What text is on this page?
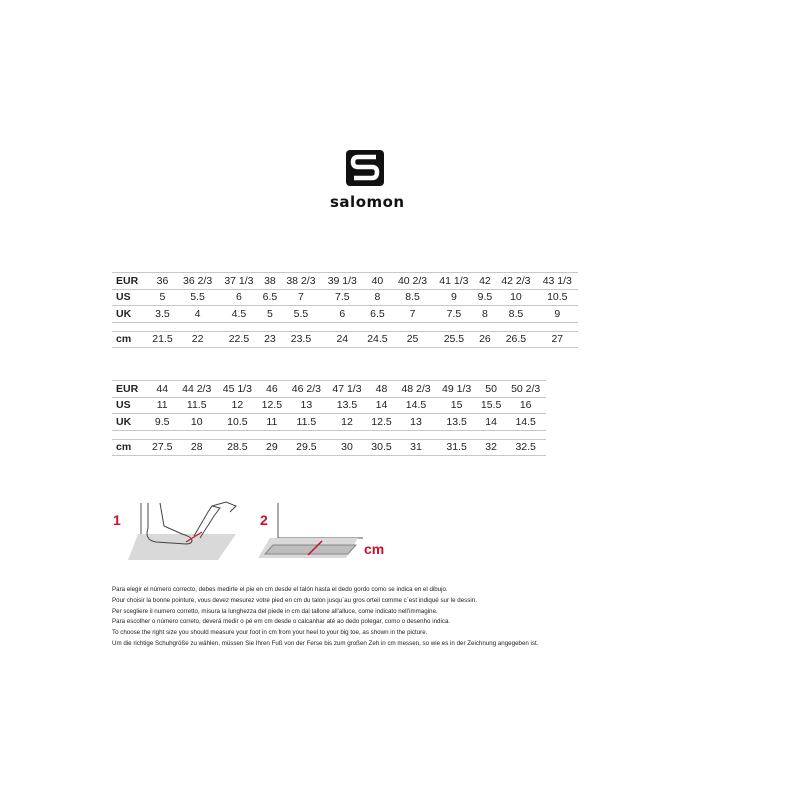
salomon
EUR	36	36 2/3	37 1/3	38	38 2/3	39 1/3	40	40 2/3	41 1/3	42	42 2/3	43 1/3
US	5	5.5	6	6.5	7	7.5	8	8.5	9	9.5	10	10.5
UK	3.5	4	4.5	5	5.5	6	6.5	7	7.5	8	8.5	9

cm	21.5	22	22.5	23	23.5	24	24.5	25	25.5	26	26.5	27
EUR	44	44 2/3	45 1/3	46	46 2/3	47 1/3	48	48 2/3	49 1/3	50	50 2/3
US	11	11.5	12	12.5	13	13.5	14	14.5	15	15.5	16
UK	9.5	10	10.5	11	11.5	12	12.5	13	13.5	14	14.5

cm	27.5	28	28.5	29	29.5	30	30.5	31	31.5	32	32.5
1	2
cm
Para elegir el número correcto, debes medirte el pie en cm desde el talón hasta el dedo gordo como se indica en el dibujo.
Pour choisir la bonne pointure, vous devez mesurez votre pied en cm du talon jusqu`au gros orteil comme c`est indiqué sur le dessin.
Per scegliere il numero corretto, misura la lunghezza del piede in cm dal tallone all'alluce, come indicato nell'immagine.
Para escolher o número correto, deverá medir o pé em cm desde o calcanhar até ao dedo polegar, como o desenho indica.
To choose the right size you should measure your foot in cm from your heel to your big toe, as shown in the picture.
Um die richtige Schuhgröße zu wählen, müssen Sie Ihren Fuß von der Ferse bis zum großen Zeh in cm messen, so wie es in der Zeichnung angegeben ist.
